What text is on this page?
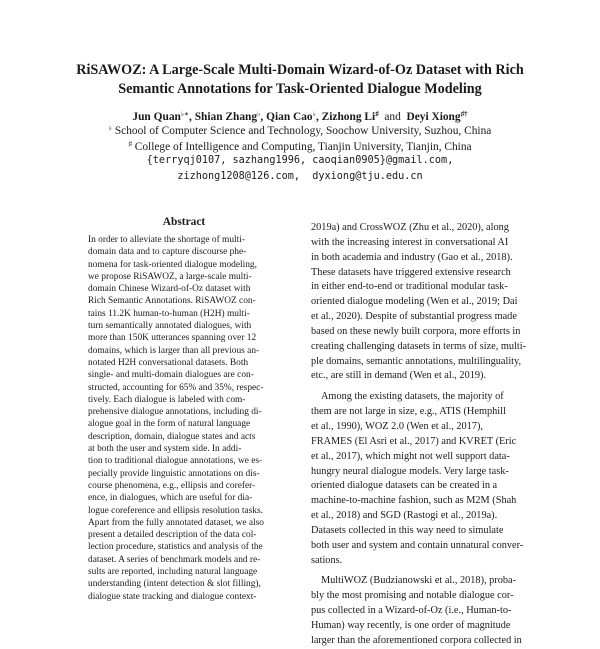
RiSAWOZ: A Large-Scale Multi-Domain Wizard-of-Oz Dataset with Rich
Semantic Annotations for Task-Oriented Dialogue Modeling
Jun Quan♭∗, Shian Zhang♭, Qian Cao♭, Zizhong Li♯  and  Deyi Xiong♯†
♭ School of Computer Science and Technology, Soochow University, Suzhou, China
♯ College of Intelligence and Computing, Tianjin University, Tianjin, China
{terryqj0107, sazhang1996, caoqian0905}@gmail.com,
zizhong1208@126.com,  dyxiong@tju.edu.cn
Abstract
In order to alleviate the shortage of multi-
domain data and to capture discourse phe-
nomena for task-oriented dialogue modeling,
we propose RiSAWOZ, a large-scale multi-
domain Chinese Wizard-of-Oz dataset with
Rich Semantic Annotations. RiSAWOZ con-
tains 11.2K human-to-human (H2H) multi-
turn semantically annotated dialogues, with
more than 150K utterances spanning over 12
domains, which is larger than all previous an-
notated H2H conversational datasets. Both
single- and multi-domain dialogues are con-
structed, accounting for 65% and 35%, respec-
tively. Each dialogue is labeled with com-
prehensive dialogue annotations, including di-
alogue goal in the form of natural language
description, domain, dialogue states and acts
at both the user and system side. In addi-
tion to traditional dialogue annotations, we es-
pecially provide linguistic annotations on dis-
course phenomena, e.g., ellipsis and corefer-
ence, in dialogues, which are useful for dia-
logue coreference and ellipsis resolution tasks.
Apart from the fully annotated dataset, we also
present a detailed description of the data col-
lection procedure, statistics and analysis of the
dataset. A series of benchmark models and re-
sults are reported, including natural language
understanding (intent detection & slot filling),
dialogue state tracking and dialogue context-
2019a) and CrossWOZ (Zhu et al., 2020), along
with the increasing interest in conversational AI
in both academia and industry (Gao et al., 2018).
These datasets have triggered extensive research
in either end-to-end or traditional modular task-
oriented dialogue modeling (Wen et al., 2019; Dai
et al., 2020). Despite of substantial progress made
based on these newly built corpora, more efforts in
creating challenging datasets in terms of size, multi-
ple domains, semantic annotations, multilinguality,
etc., are still in demand (Wen et al., 2019).
Among the existing datasets, the majority of
them are not large in size, e.g., ATIS (Hemphill
et al., 1990), WOZ 2.0 (Wen et al., 2017),
FRAMES (El Asri et al., 2017) and KVRET (Eric
et al., 2017), which might not well support data-
hungry neural dialogue models. Very large task-
oriented dialogue datasets can be created in a
machine-to-machine fashion, such as M2M (Shah
et al., 2018) and SGD (Rastogi et al., 2019a).
Datasets collected in this way need to simulate
both user and system and contain unnatural conver-
sations.
MultiWOZ (Budzianowski et al., 2018), proba-
bly the most promising and notable dialogue cor-
pus collected in a Wizard-of-Oz (i.e., Human-to-
Human) way recently, is one order of magnitude
larger than the aforementioned corpora collected in
